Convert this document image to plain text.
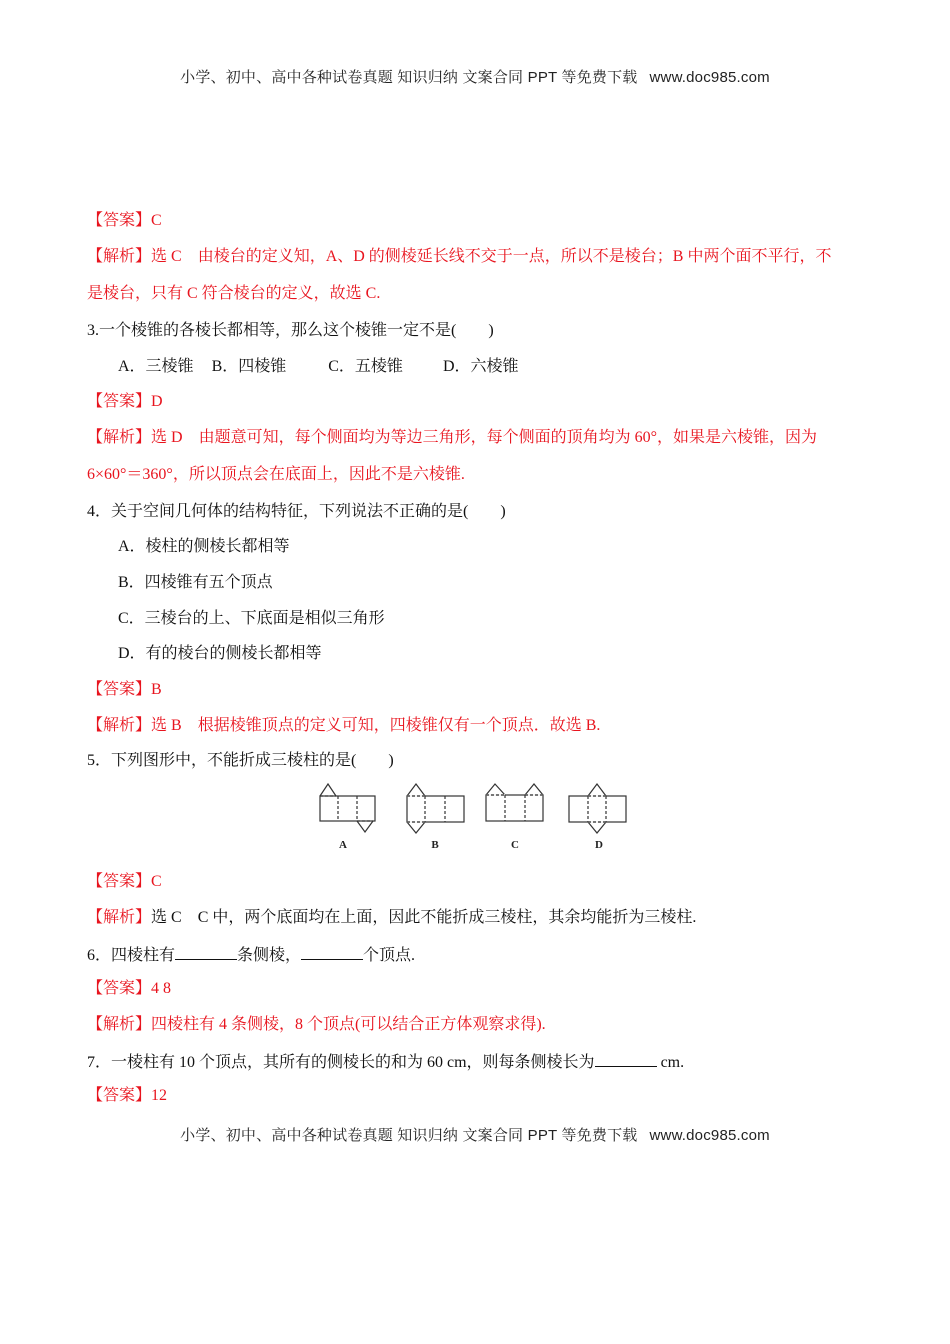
小学、初中、高中各种试卷真题 知识归纳 文案合同 PPT 等免费下载 www.doc985.com
【答案】C
【解析】选 C　由棱台的定义知，A、D 的侧棱延长线不交于一点，所以不是棱台；B 中两个面不平行，不
是棱台，只有 C 符合棱台的定义，故选 C.
3.一个棱锥的各棱长都相等，那么这个棱锥一定不是(　　)
A．三棱锥 B．四棱锥	C．五棱锥	D．六棱锥
【答案】D
【解析】选 D　由题意可知，每个侧面均为等边三角形，每个侧面的顶角均为 60°，如果是六棱锥，因为
6×60°＝360°，所以顶点会在底面上，因此不是六棱锥.
4．关于空间几何体的结构特征，下列说法不正确的是(　　)
A．棱柱的侧棱长都相等
B．四棱锥有五个顶点
C．三棱台的上、下底面是相似三角形
D．有的棱台的侧棱长都相等
【答案】B
【解析】选 B　根据棱锥顶点的定义可知，四棱锥仅有一个顶点．故选 B.
5．下列图形中，不能折成三棱柱的是(　　)
A	B	C	D
【答案】C
【解析】选 C　C 中，两个底面均在上面，因此不能折成三棱柱，其余均能折为三棱柱.
6．四棱柱有	条侧棱，	个顶点.
【答案】4 8
【解析】四棱柱有 4 条侧棱，8 个顶点(可以结合正方体观察求得).
7．一棱柱有 10 个顶点，其所有的侧棱长的和为 60 cm，则每条侧棱长为	cm.
【答案】12
小学、初中、高中各种试卷真题 知识归纳 文案合同 PPT 等免费下载 www.doc985.com
